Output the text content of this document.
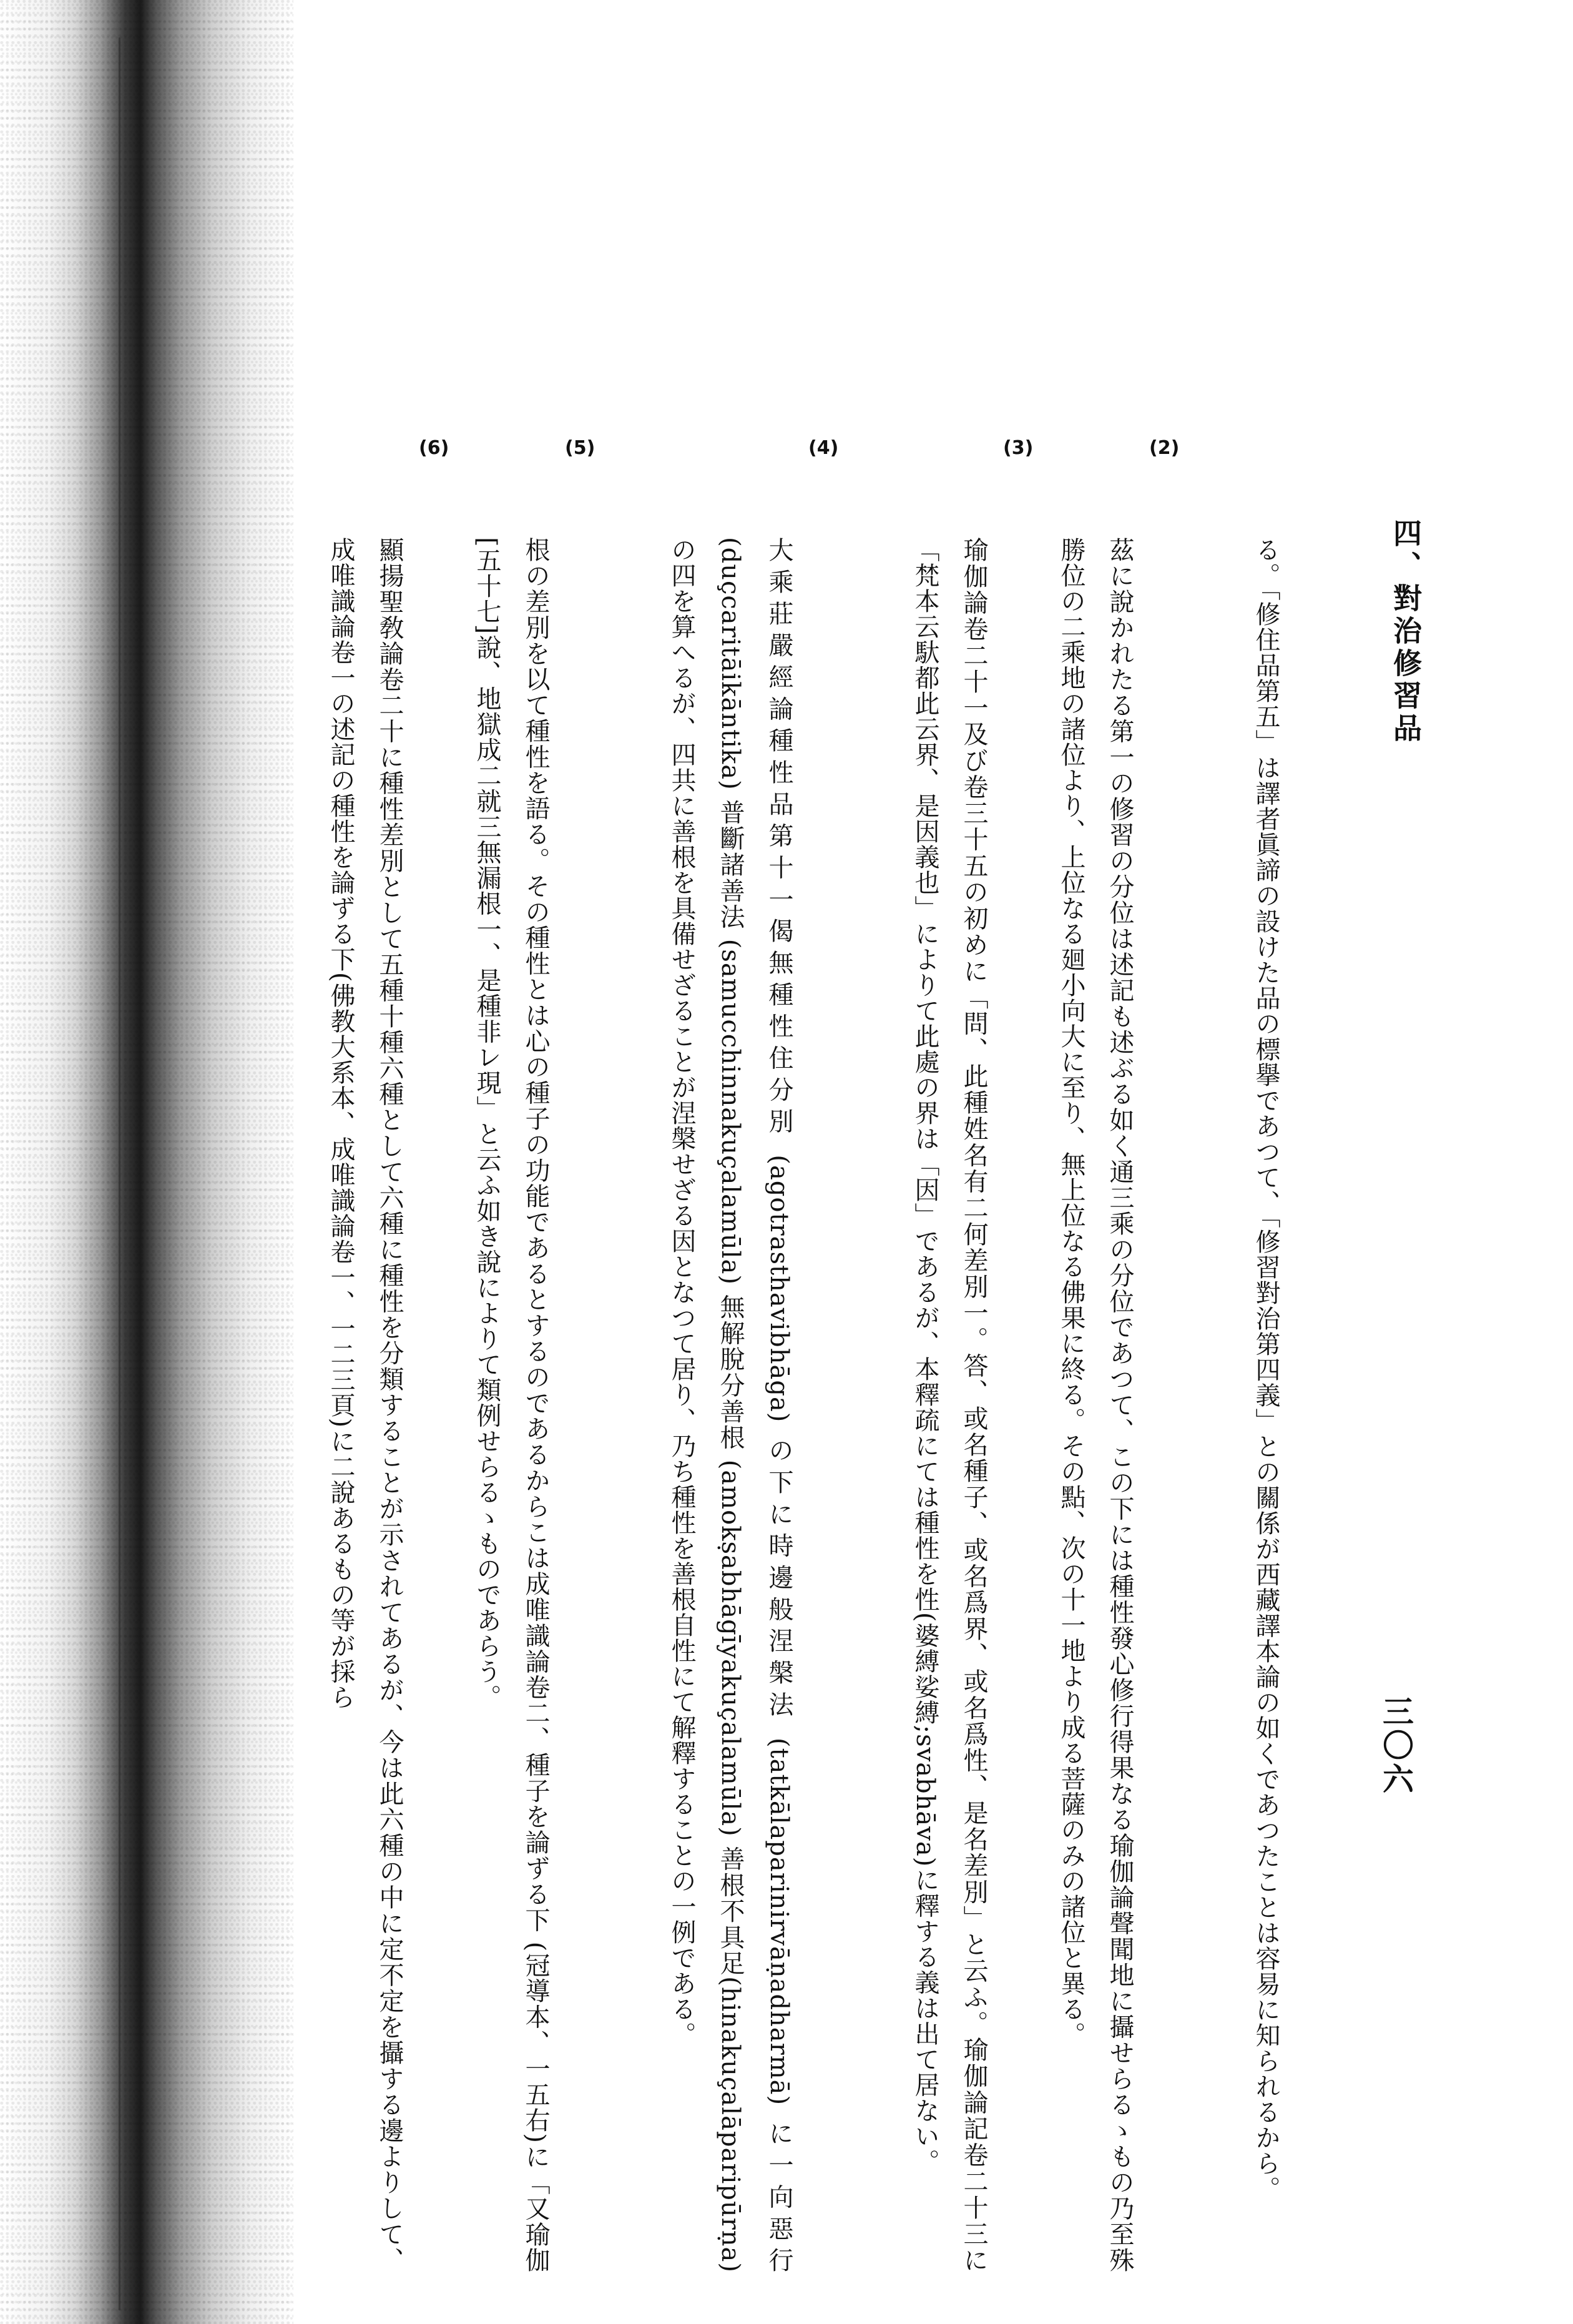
四、對治修習品
三〇六
る。「修住品第五」は譯者眞諦の設けた品の標擧であつて、「修習對治第四義」との關係が西藏譯本論の如くであつたことは容易に知られるから。
(2)
茲に說かれたる第一の修習の分位は述記も述ぶる如く通三乘の分位であつて、この下には種性發心修行得果なる瑜伽論聲聞地に攝せらるゝもの乃至殊勝位の二乘地の諸位より、上位なる廻小向大に至り、無上位なる佛果に終る。その點、次の十一地より成る菩薩のみの諸位と異る。
(3)
瑜伽論卷二十一及び卷三十五の初めに「問、此種姓名有二何差別一。答、或名種子、或名爲界、或名爲性、是名差別」と云ふ。瑜伽論記卷二十三に「梵本云馱都此云界、是因義也」によりて此處の界は「因」であるが、本釋疏にては種性を性(婆縛娑縛;svabhāva)に釋する義は出て居ない。
(4)
大乘莊嚴經論種性品第十一偈無種性住分別 (agotrasthavibhāga) の下に時邊般涅槃法 (tatkālaparinirvāṇadharmā) に一向惡行 (duçcaritāikāntika) 普斷諸善法 (samucchinnakuçalamūla) 無解脫分善根 (amokṣabhāgīyakuçalamūla) 善根不具足(hinakuçalāparipūrṇa) の四を算へるが、四共に善根を具備せざることが涅槃せざる因となつて居り、乃ち種性を善根自性にて解釋することの一例である。
(5)
根の差別を以て種性を語る。その種性とは心の種子の功能であるとするのであるからこは成唯識論卷二、種子を論ずる下 (冠導本、一五右)に「又瑜伽[五十七]說、地獄成二就三無漏根一、是種非レ現」と云ふ如き說によりて類例せらるゝものであらう。
(6)
顯揚聖敎論卷二十に種性差別として五種十種六種として六種に種性を分類することが示されてあるが、今は此六種の中に定不定を攝する邊よりして、成唯識論卷一の述記の種性を論ずる下(佛教大系本、成唯識論卷一、一二三頁)に二說あるもの等が採ら
